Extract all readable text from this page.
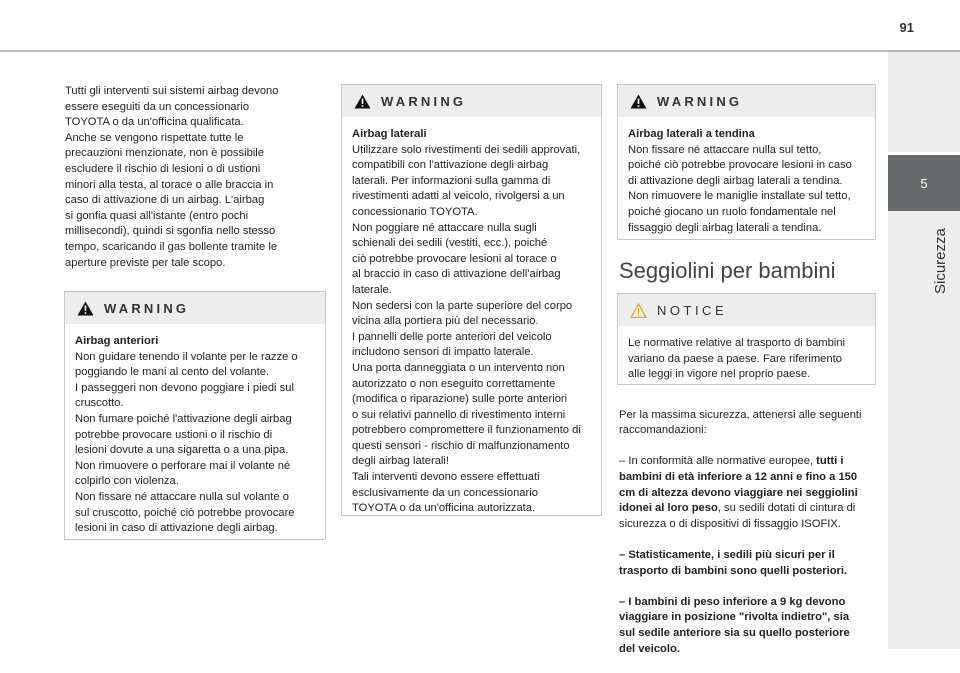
91
5
Sicurezza
Tutti gli interventi sui sistemi airbag devono
essere eseguiti da un concessionario
TOYOTA o da un'officina qualificata.
Anche se vengono rispettate tutte le
precauzioni menzionate, non è possibile
escludere il rischio di lesioni o di ustioni
minori alla testa, al torace o alle braccia in
caso di attivazione di un airbag. L'airbag
si gonfia quasi all'istante (entro pochi
millisecondi), quindi si sgonfia nello stesso
tempo, scaricando il gas bollente tramite le
aperture previste per tale scopo.
WARNING
Airbag anteriori
Non guidare tenendo il volante per le razze o
poggiando le mani al cento del volante.
I passeggeri non devono poggiare i piedi sul
cruscotto.
Non fumare poiché l'attivazione degli airbag
potrebbe provocare ustioni o il rischio di
lesioni dovute a una sigaretta o a una pipa.
Non rimuovere o perforare mai il volante né
colpirlo con violenza.
Non fissare né attaccare nulla sul volante o
sul cruscotto, poiché ciò potrebbe provocare
lesioni in caso di attivazione degli airbag.
WARNING
Airbag laterali
Utilizzare solo rivestimenti dei sedili approvati,
compatibili con l'attivazione degli airbag
laterali. Per informazioni sulla gamma di
rivestimenti adatti al veicolo, rivolgersi a un
concessionario TOYOTA.
Non poggiare né attaccare nulla sugli
schienali dei sedili (vestiti, ecc.), poiché
ciò potrebbe provocare lesioni al torace o
al braccio in caso di attivazione dell'airbag
laterale.
Non sedersi con la parte superiore del corpo
vicina alla portiera più del necessario.
I pannelli delle porte anteriori del veicolo
includono sensori di impatto laterale.
Una porta danneggiata o un intervento non
autorizzato o non eseguito correttamente
(modifica o riparazione) sulle porte anteriori
o sui relativi pannello di rivestimento interni
potrebbero compromettere il funzionamento di
questi sensori - rischio di malfunzionamento
degli airbag laterali!
Tali interventi devono essere effettuati
esclusivamente da un concessionario
TOYOTA o da un'officina autorizzata.
WARNING
Airbag laterali a tendina
Non fissare né attaccare nulla sul tetto,
poiché ciò potrebbe provocare lesioni in caso
di attivazione degli airbag laterali a tendina.
Non rimuovere le maniglie installate sul tetto,
poiché giocano un ruolo fondamentale nel
fissaggio degli airbag laterali a tendina.
Seggiolini per bambini
NOTICE
Le normative relative al trasporto di bambini
variano da paese a paese. Fare riferimento
alle leggi in vigore nel proprio paese.

Per la massima sicurezza, attenersi alle seguenti
raccomandazioni:

– In conformità alle normative europee, tutti i
bambini di età inferiore a 12 anni e fino a 150
cm di altezza devono viaggiare nei seggiolini
idonei al loro peso, su sedili dotati di cintura di
sicurezza o di dispositivi di fissaggio ISOFIX.

– Statisticamente, i sedili più sicuri per il
trasporto di bambini sono quelli posteriori.

– I bambini di peso inferiore a 9 kg devono
viaggiare in posizione "rivolta indietro", sia
sul sedile anteriore sia su quello posteriore
del veicolo.
